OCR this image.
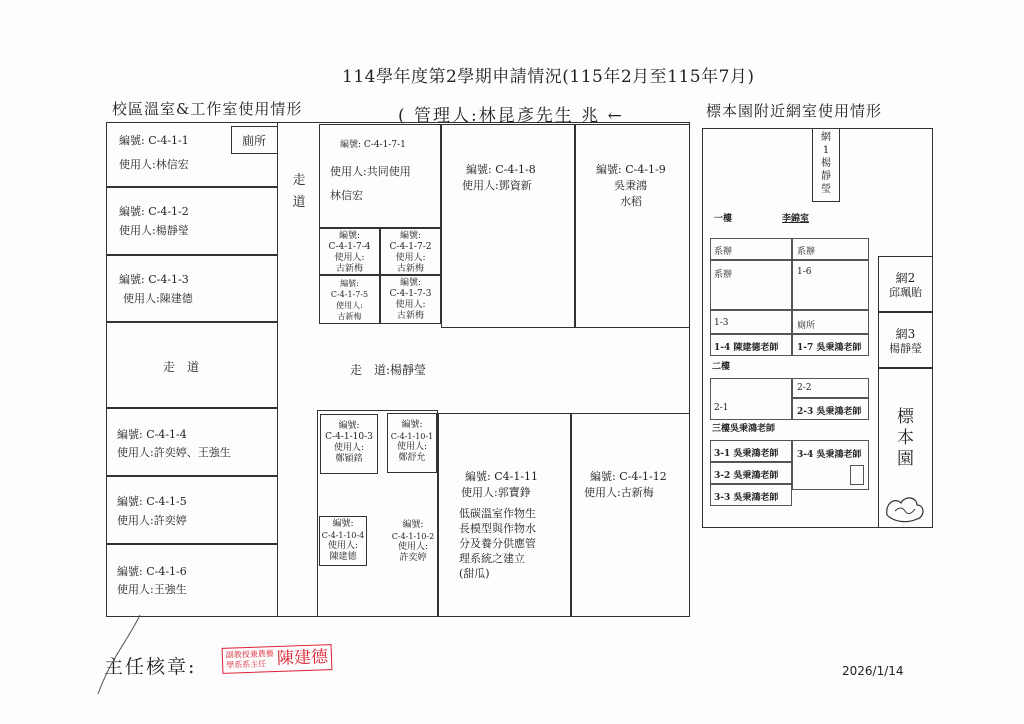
114學年度第2學期申請情況(115年2月至115年7月)
校區溫室&工作室使用情形	( 管理人:林昆彥先生 兆 ←	標本園附近網室使用情形
編號: C-4-1-1
使用人:林信宏
廁所
編號: C-4-1-2
使用人:楊靜瑩
編號: C-4-1-3
使用人:陳建德
走　道
編號: C-4-1-4
使用人:許奕婷、王強生
編號: C-4-1-5
使用人:許奕婷
編號: C-4-1-6
使用人:王強生
走道
編號: C-4-1-7-1
使用人:共同使用
林信宏
編號:
C-4-1-7-4
使用人:
古新梅
編號:
C-4-1-7-2
使用人:
古新梅
編號:
C-4-1-7-5
使用人:
古新梅
編號:
C-4-1-7-3
使用人:
古新梅
編號: C-4-1-8
使用人:鄧資新
編號: C-4-1-9
吳秉鴻
水稻
走　道:楊靜瑩
編號:
C-4-1-10-3
使用人:
鄭穎銘
編號:
C-4-1-10-1
使用人:
鄭舒允
編號:
C-4-1-10-4
使用人:
陳建德
編號:
C-4-1-10-2
使用人:
許奕婷
編號: C4-1-11
使用人:郭寶錚
低碳溫室作物生
長模型與作物水
分及養分供應管
理系統之建立
(甜瓜)
編號: C-4-1-12
使用人:古新梅
網
1
楊
靜
瑩
一樓	李錦室
系辦	系辦
系辦	1-6
1-3	廁所
1-4 陳建德老師 1-7 吳秉鴻老師
二樓
2-1
2-2
2-3 吳秉鴻老師
三樓吳秉鴻老師
3-1 吳秉鴻老師
3-2 吳秉鴻老師
3-3 吳秉鴻老師
3-4 吳秉鴻老師
網2
邱珮貽
網3
楊靜瑩
標
本
園
主任核章:
副教授兼農藝
學系系主任 陳建德
2026/1/14
